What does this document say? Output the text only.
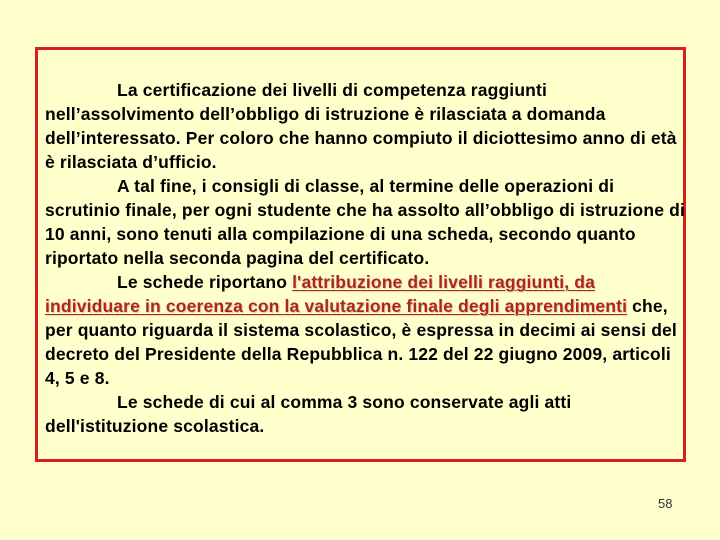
La certificazione dei livelli di competenza raggiunti nell’assolvimento dell’obbligo di istruzione è rilasciata a domanda dell’interessato. Per coloro che hanno compiuto il diciottesimo anno di età è rilasciata d’ufficio.

A tal fine, i consigli di classe, al termine delle operazioni di scrutinio finale, per ogni studente che ha assolto all’obbligo di istruzione di 10 anni, sono tenuti alla compilazione di una scheda, secondo quanto riportato nella seconda pagina del certificato.

Le schede riportano l'attribuzione dei livelli raggiunti, da individuare in coerenza con la valutazione finale degli apprendimenti che, per quanto riguarda il sistema scolastico, è espressa in decimi ai sensi del decreto del Presidente della Repubblica n. 122 del 22 giugno 2009, articoli 4, 5 e 8.

Le schede di cui al comma 3 sono conservate agli atti dell'istituzione scolastica.

58
